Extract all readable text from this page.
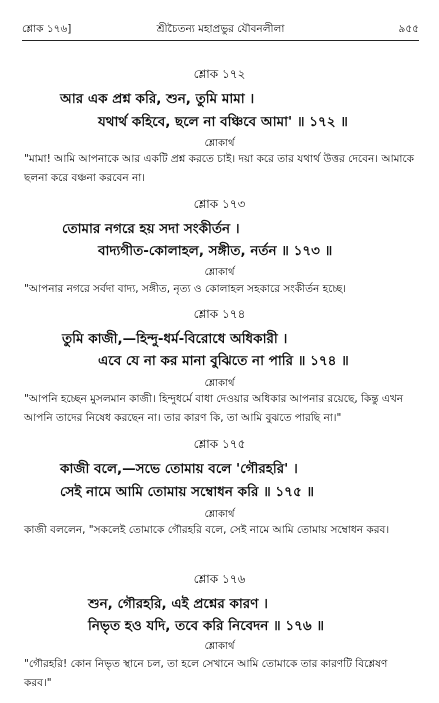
শ্লোক ১৭৬]	শ্রীচৈতন্য মহাপ্রভুর যৌবনলীলা	৯৫৫
শ্লোক ১৭২
আর এক প্রশ্ন করি, শুন, তুমি মামা ।
যথার্থ কহিবে, ছলে না বঞ্চিবে আমা' ॥ ১৭২ ॥
শ্লোকার্থ
"মামা! আমি আপনাকে আর একটি প্রশ্ন করতে চাই। দয়া করে তার যথার্থ উত্তর দেবেন। আমাকে ছলনা করে বঞ্চনা করবেন না।
শ্লোক ১৭৩
তোমার নগরে হয় সদা সংকীর্তন ।
বাদ্যগীত-কোলাহল, সঙ্গীত, নর্তন ॥ ১৭৩ ॥
শ্লোকার্থ
"আপনার নগরে সর্বদা বাদ্য, সঙ্গীত, নৃত্য ও কোলাহল সহকারে সংকীর্তন হচ্ছে।
শ্লোক ১৭৪
তুমি কাজী,—হিন্দু-ধর্ম-বিরোধে অধিকারী ।
এবে যে না কর মানা বুঝিতে না পারি ॥ ১৭৪ ॥
শ্লোকার্থ
"আপনি হচ্ছেন মুসলমান কাজী। হিন্দুধর্মে বাধা দেওয়ার অধিকার আপনার রয়েছে, কিন্তু এখন আপনি তাদের নিষেধ করছেন না। তার কারণ কি, তা আমি বুঝতে পারছি না।"
শ্লোক ১৭৫
কাজী বলে,—সভে তোমায় বলে 'গৌরহরি' ।
সেই নামে আমি তোমায় সম্বোধন করি ॥ ১৭৫ ॥
শ্লোকার্থ
কাজী বললেন, "সকলেই তোমাকে গৌরহরি বলে, সেই নামে আমি তোমায় সম্বোধন করব।
শ্লোক ১৭৬
শুন, গৌরহরি, এই প্রশ্নের কারণ ।
নিভৃত হও যদি, তবে করি নিবেদন ॥ ১৭৬ ॥
শ্লোকার্থ
"গৌরহরি! কোন নিভৃত স্থানে চল, তা হলে সেখানে আমি তোমাকে তার কারণটি বিশ্লেষণ করব।"
